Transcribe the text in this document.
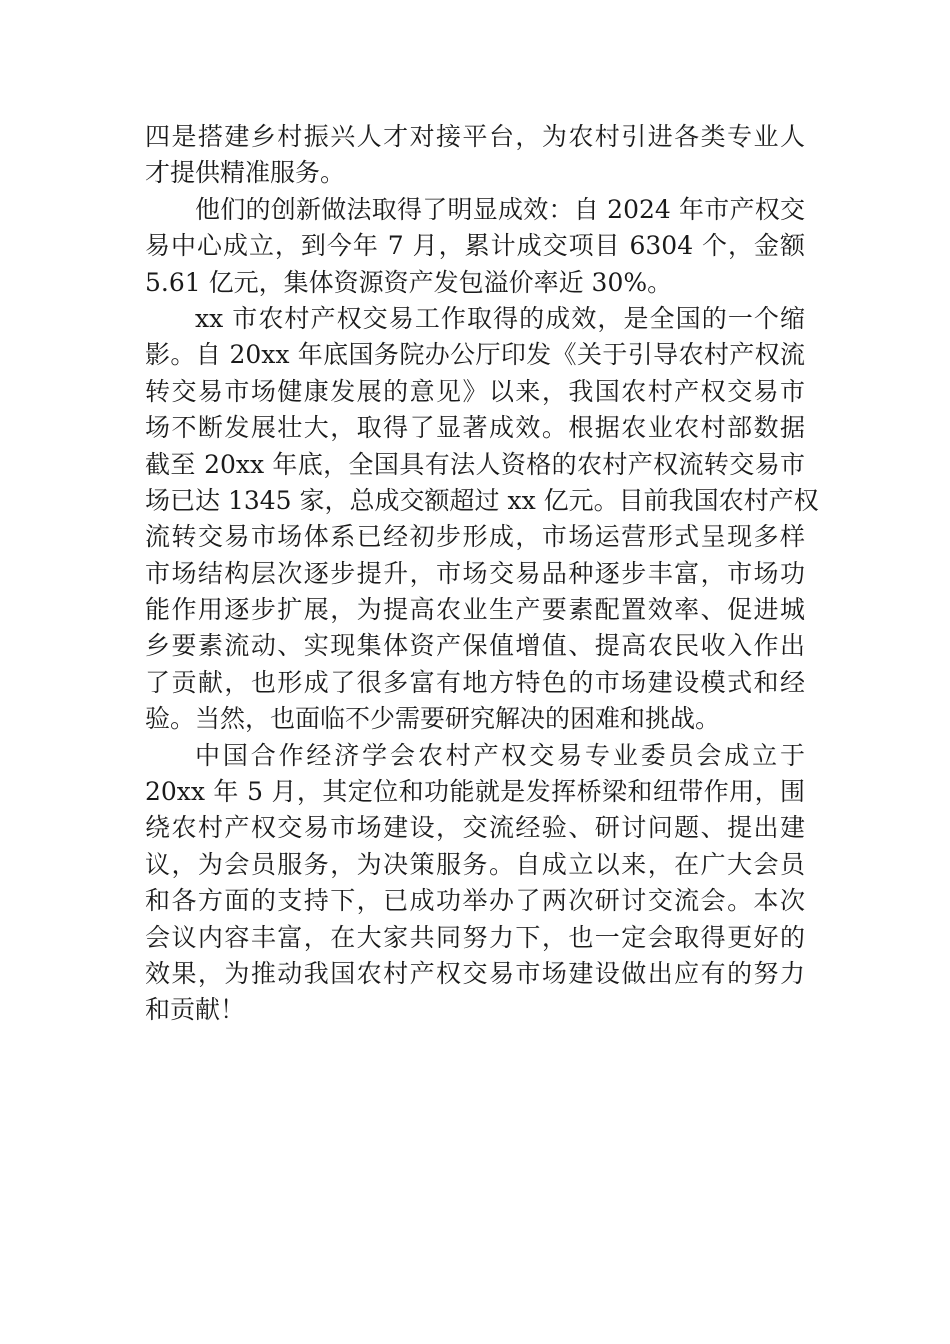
四是搭建乡村振兴人才对接平台，为农村引进各类专业人
才提供精准服务。
他们的创新做法取得了明显成效：自 2024 年市产权交
易中心成立，到今年 7 月，累计成交项目 6304 个，金额
5.61 亿元，集体资源资产发包溢价率近 30%。
xx 市农村产权交易工作取得的成效，是全国的一个缩
影。自 20xx 年底国务院办公厅印发《关于引导农村产权流
转交易市场健康发展的意见》以来，我国农村产权交易市
场不断发展壮大，取得了显著成效。根据农业农村部数据
截至 20xx 年底，全国具有法人资格的农村产权流转交易市
场已达 1345 家，总成交额超过 xx 亿元。目前我国农村产权
流转交易市场体系已经初步形成，市场运营形式呈现多样
市场结构层次逐步提升，市场交易品种逐步丰富，市场功
能作用逐步扩展，为提高农业生产要素配置效率、促进城
乡要素流动、实现集体资产保值增值、提高农民收入作出
了贡献，也形成了很多富有地方特色的市场建设模式和经
验。当然，也面临不少需要研究解决的困难和挑战。
中国合作经济学会农村产权交易专业委员会成立于
20xx 年 5 月，其定位和功能就是发挥桥梁和纽带作用，围
绕农村产权交易市场建设，交流经验、研讨问题、提出建
议，为会员服务，为决策服务。自成立以来，在广大会员
和各方面的支持下，已成功举办了两次研讨交流会。本次
会议内容丰富，在大家共同努力下，也一定会取得更好的
效果，为推动我国农村产权交易市场建设做出应有的努力
和贡献！
